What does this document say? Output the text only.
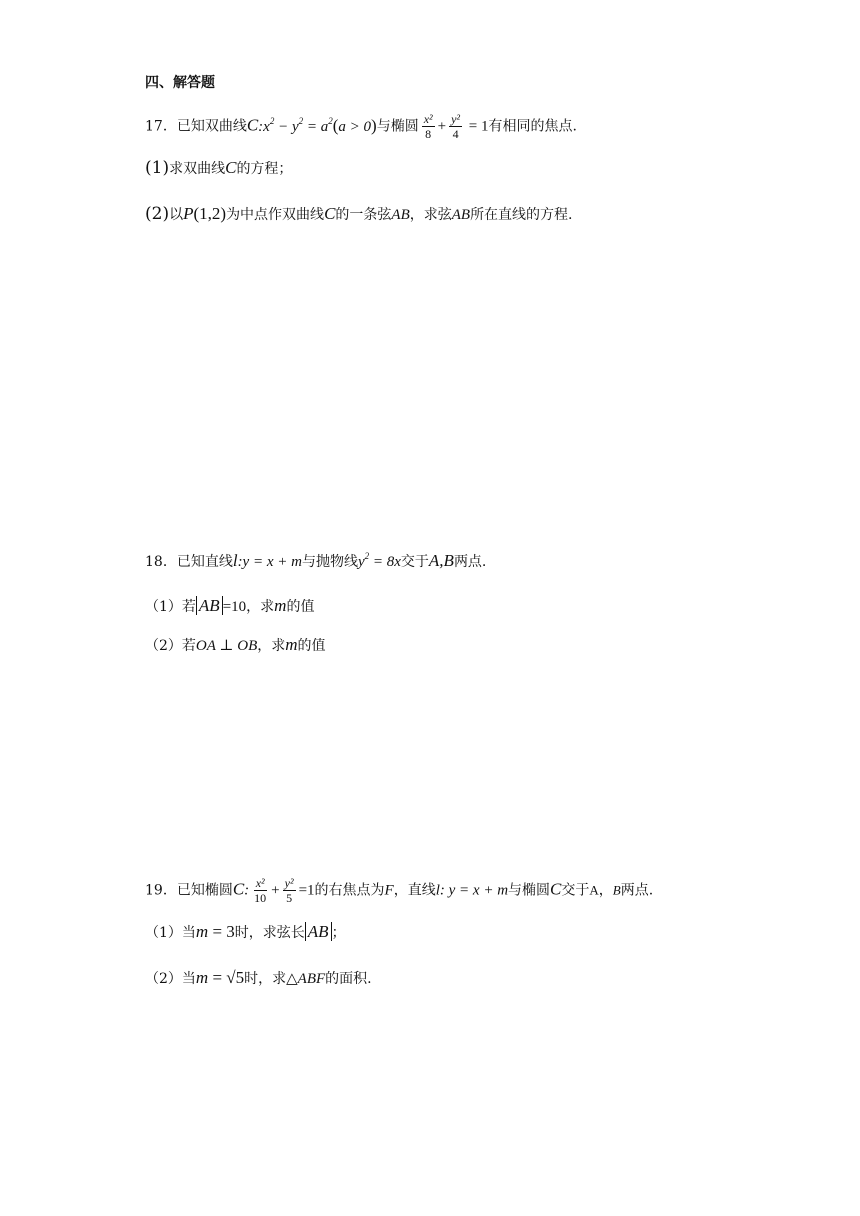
四、解答题
17．已知双曲线$C:x^2 - y^2 = a^2(a > 0)$与椭圆 $\frac{\text{x²}}{8} + \frac{\text{y²}}{4} = 1$有相同的焦点.
(1)求双曲线C的方程；
(2)以P(1,2)为中点作双曲线C的一条弦AB，求弦AB所在直线的方程.
18．已知直线l:y = x + m与抛物线$y^2 = 8x$交于A,B两点.
（1）若 AB =10，求m的值
（2）若OA ⊥ OB，求m的值
19．已知椭圆C: $\frac{\text{x²}}{10} + \frac{\text{y²}}{5} =1$的右焦点为F，直线l: y = x + m与椭圆C交于A，B两点.
（1）当m = 3时，求弦长 AB ；
（2）当m = √5时，求△ABF的面积.
